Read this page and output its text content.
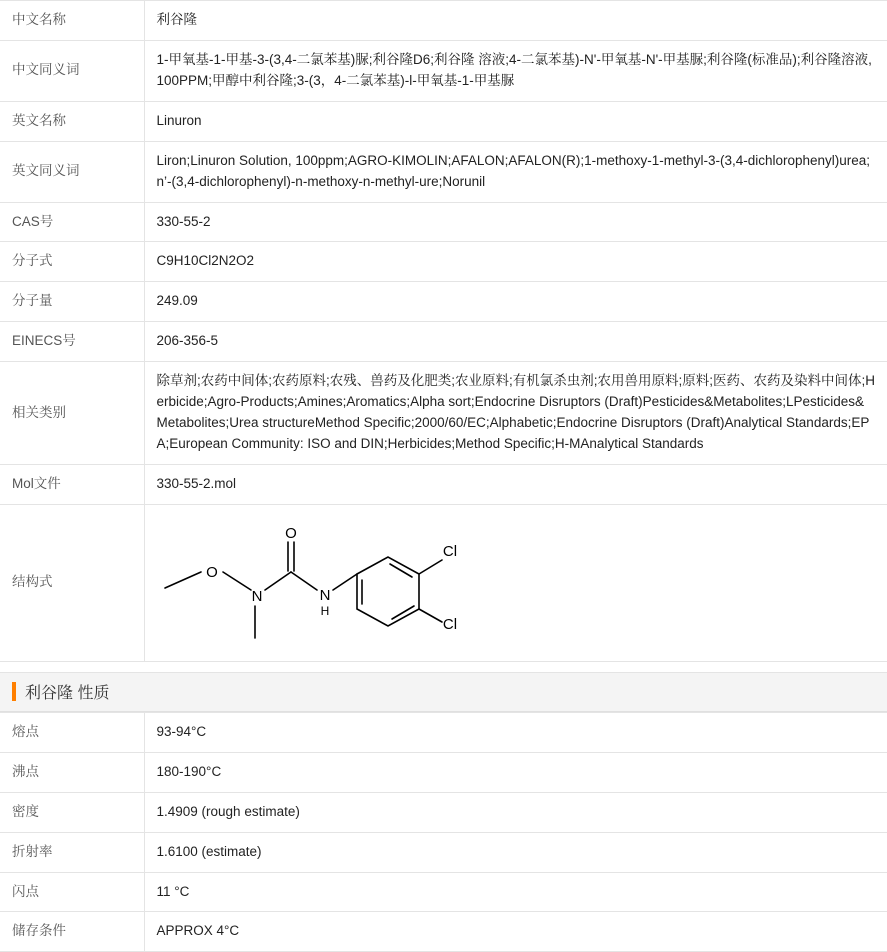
中文名称	利谷隆
中文同义词	1-甲氧基-1-甲基-3-(3,4-二氯苯基)脲;利谷隆D6;利谷隆 溶液;4-二氯苯基)-N'-甲氧基-N'-甲基脲;利谷隆(标准品);利谷隆溶液,100PPM;甲醇中利谷隆;3-(3，4-二氯苯基)-l-甲氧基-1-甲基脲
英文名称	Linuron
英文同义词	Liron;Linuron Solution, 100ppm;AGRO-KIMOLIN;AFALON;AFALON(R);1-methoxy-1-methyl-3-(3,4-dichlorophenyl)urea;n’-(3,4-dichlorophenyl)-n-methoxy-n-methyl-ure;Norunil
CAS号	330-55-2
分子式	C9H10Cl2N2O2
分子量	249.09
EINECS号	206-356-5
相关类别	除草剂;农药中间体;农药原料;农残、兽药及化肥类;农业原料;有机氯杀虫剂;农用兽用原料;原料;医药、农药及染料中间体;Herbicide;Agro-Products;Amines;Aromatics;Alpha sort;Endocrine Disruptors (Draft)Pesticides&Metabolites;LPesticides&Metabolites;Urea structureMethod Specific;2000/60/EC;Alphabetic;Endocrine Disruptors (Draft)Analytical Standards;EPA;European Community: ISO and DIN;Herbicides;Method Specific;H-MAnalytical Standards
Mol文件	330-55-2.mol
结构式	
O
O
N	N
H
Cl
Cl
利谷隆 性质
熔点	93-94°C
沸点	180-190°C
密度	1.4909 (rough estimate)
折射率	1.6100 (estimate)
闪点	11 °C
储存条件	APPROX 4°C
